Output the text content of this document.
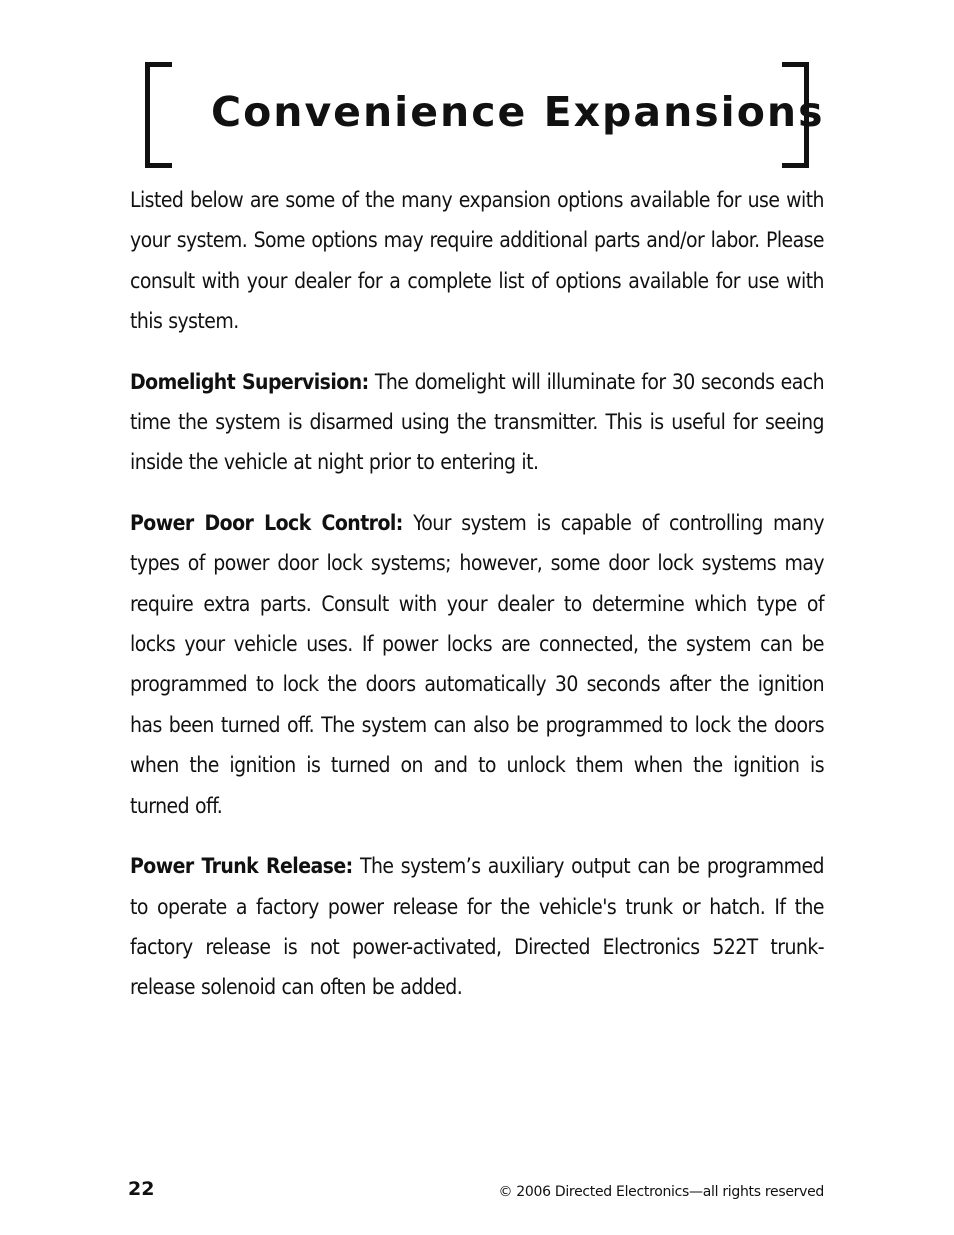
Convenience Expansions

Listed below are some of the many expansion options available for use with your system. Some options may require additional parts and/or labor. Please consult with your dealer for a complete list of options available for use with this system.

Domelight Supervision: The domelight will illuminate for 30 seconds each time the system is disarmed using the transmitter. This is useful for seeing inside the vehicle at night prior to entering it.

Power Door Lock Control: Your system is capable of controlling many types of power door lock systems; however, some door lock systems may require extra parts. Consult with your dealer to determine which type of locks your vehicle uses. If power locks are connected, the system can be programmed to lock the doors automatically 30 seconds after the ignition has been turned off. The system can also be programmed to lock the doors when the ignition is turned on and to unlock them when the ignition is turned off.

Power Trunk Release: The system’s auxiliary output can be programmed to operate a factory power release for the vehicle's trunk or hatch. If the factory release is not power-activated, Directed Electronics 522T trunk-release solenoid can often be added.

22	© 2006 Directed Electronics—all rights reserved
